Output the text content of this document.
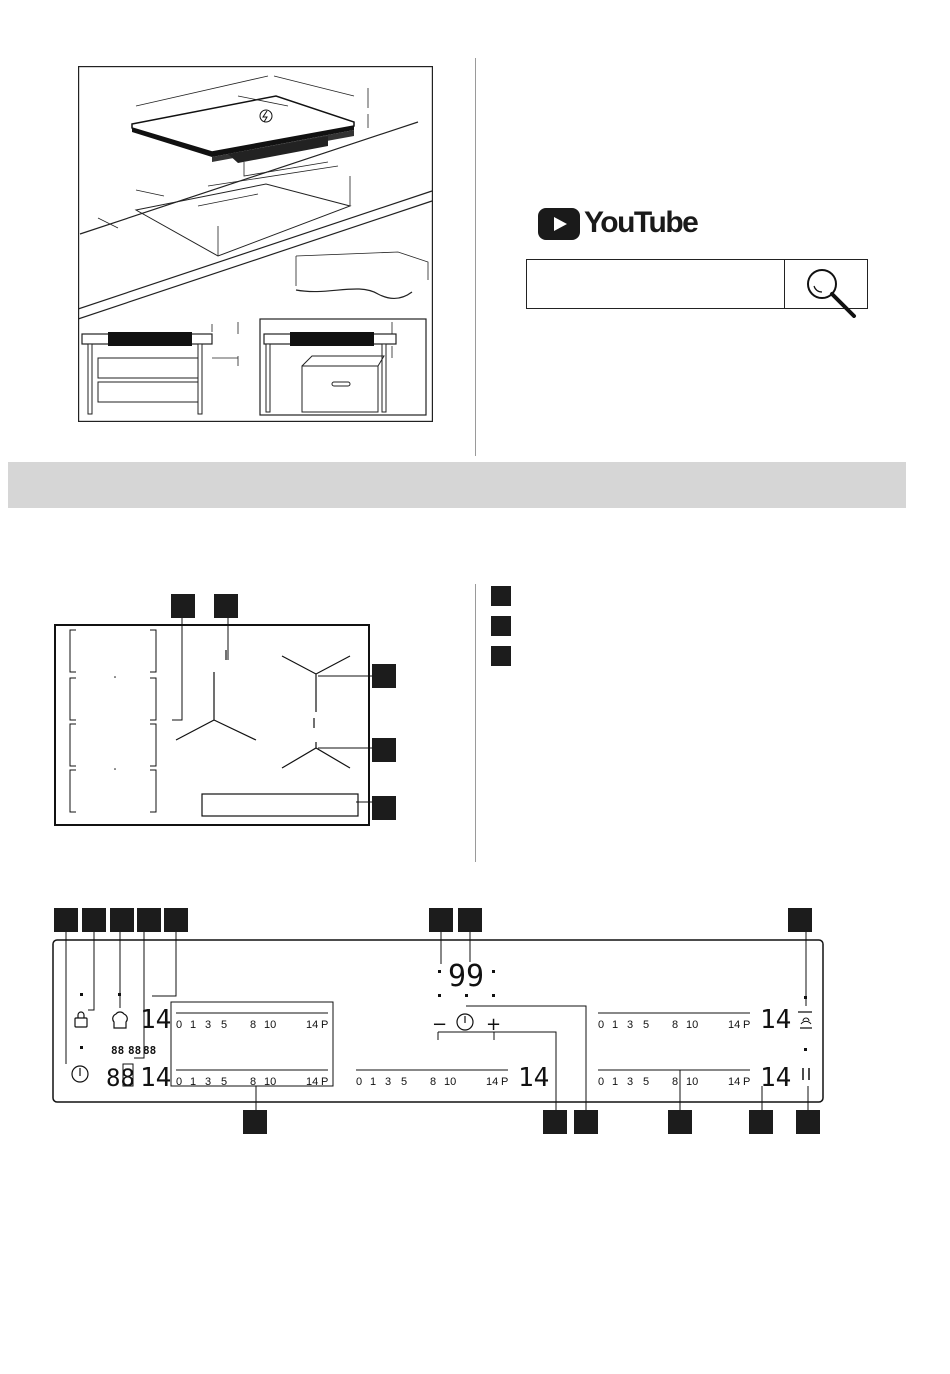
YouTube
88 88 88
88
14
14
0 1 3 5 8 10	14 P
0 1 3 5 8 10	14 P	0 1 3 5 8 10	14 P
0 1 3 5 8 10	14 P
0 1 3 5 8 10	14 P
14
14
14
99
− +
